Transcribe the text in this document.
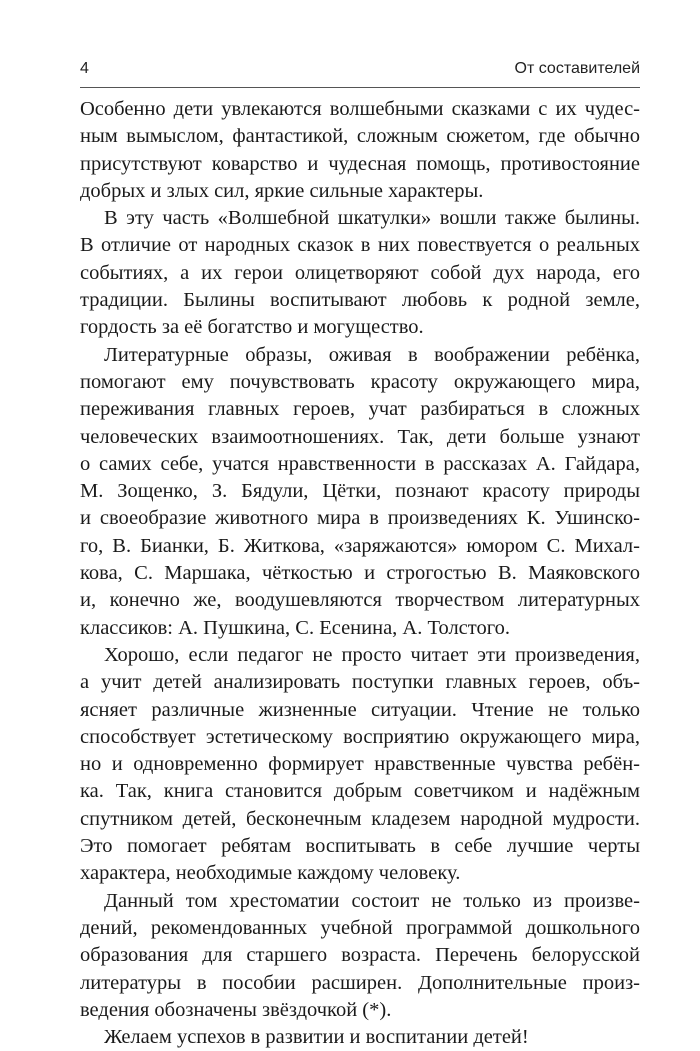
4	От составителей
Особенно дети увлекаются волшебными сказками с их чудес-
ным вымыслом, фантастикой, сложным сюжетом, где обычно
присутствуют коварство и чудесная помощь, противостояние
добрых и злых сил, яркие сильные характеры.
В эту часть «Волшебной шкатулки» вошли также былины.
В отличие от народных сказок в них повествуется о реальных
событиях, а их герои олицетворяют собой дух народа, его
традиции. Былины воспитывают любовь к родной земле,
гордость за её богатство и могущество.
Литературные образы, оживая в воображении ребёнка,
помогают ему почувствовать красоту окружающего мира,
переживания главных героев, учат разбираться в сложных
человеческих взаимоотношениях. Так, дети больше узнают
о самих себе, учатся нравственности в рассказах А. Гайдара,
М. Зощенко, З. Бядули, Цётки, познают красоту природы
и своеобразие животного мира в произведениях К. Ушинско-
го, В. Бианки, Б. Житкова, «заряжаются» юмором С. Михал-
кова, С. Маршака, чёткостью и строгостью В. Маяковского
и, конечно же, воодушевляются творчеством литературных
классиков: А. Пушкина, С. Есенина, А. Толстого.
Хорошо, если педагог не просто читает эти произведения,
а учит детей анализировать поступки главных героев, объ-
ясняет различные жизненные ситуации. Чтение не только
способствует эстетическому восприятию окружающего мира,
но и одновременно формирует нравственные чувства ребён-
ка. Так, книга становится добрым советчиком и надёжным
спутником детей, бесконечным кладезем народной мудрости.
Это помогает ребятам воспитывать в себе лучшие черты
характера, необходимые каждому человеку.
Данный том хрестоматии состоит не только из произве-
дений, рекомендованных учебной программой дошкольного
образования для старшего возраста. Перечень белорусской
литературы в пособии расширен. Дополнительные произ-
ведения обозначены звёздочкой (*).
Желаем успехов в развитии и воспитании детей!
